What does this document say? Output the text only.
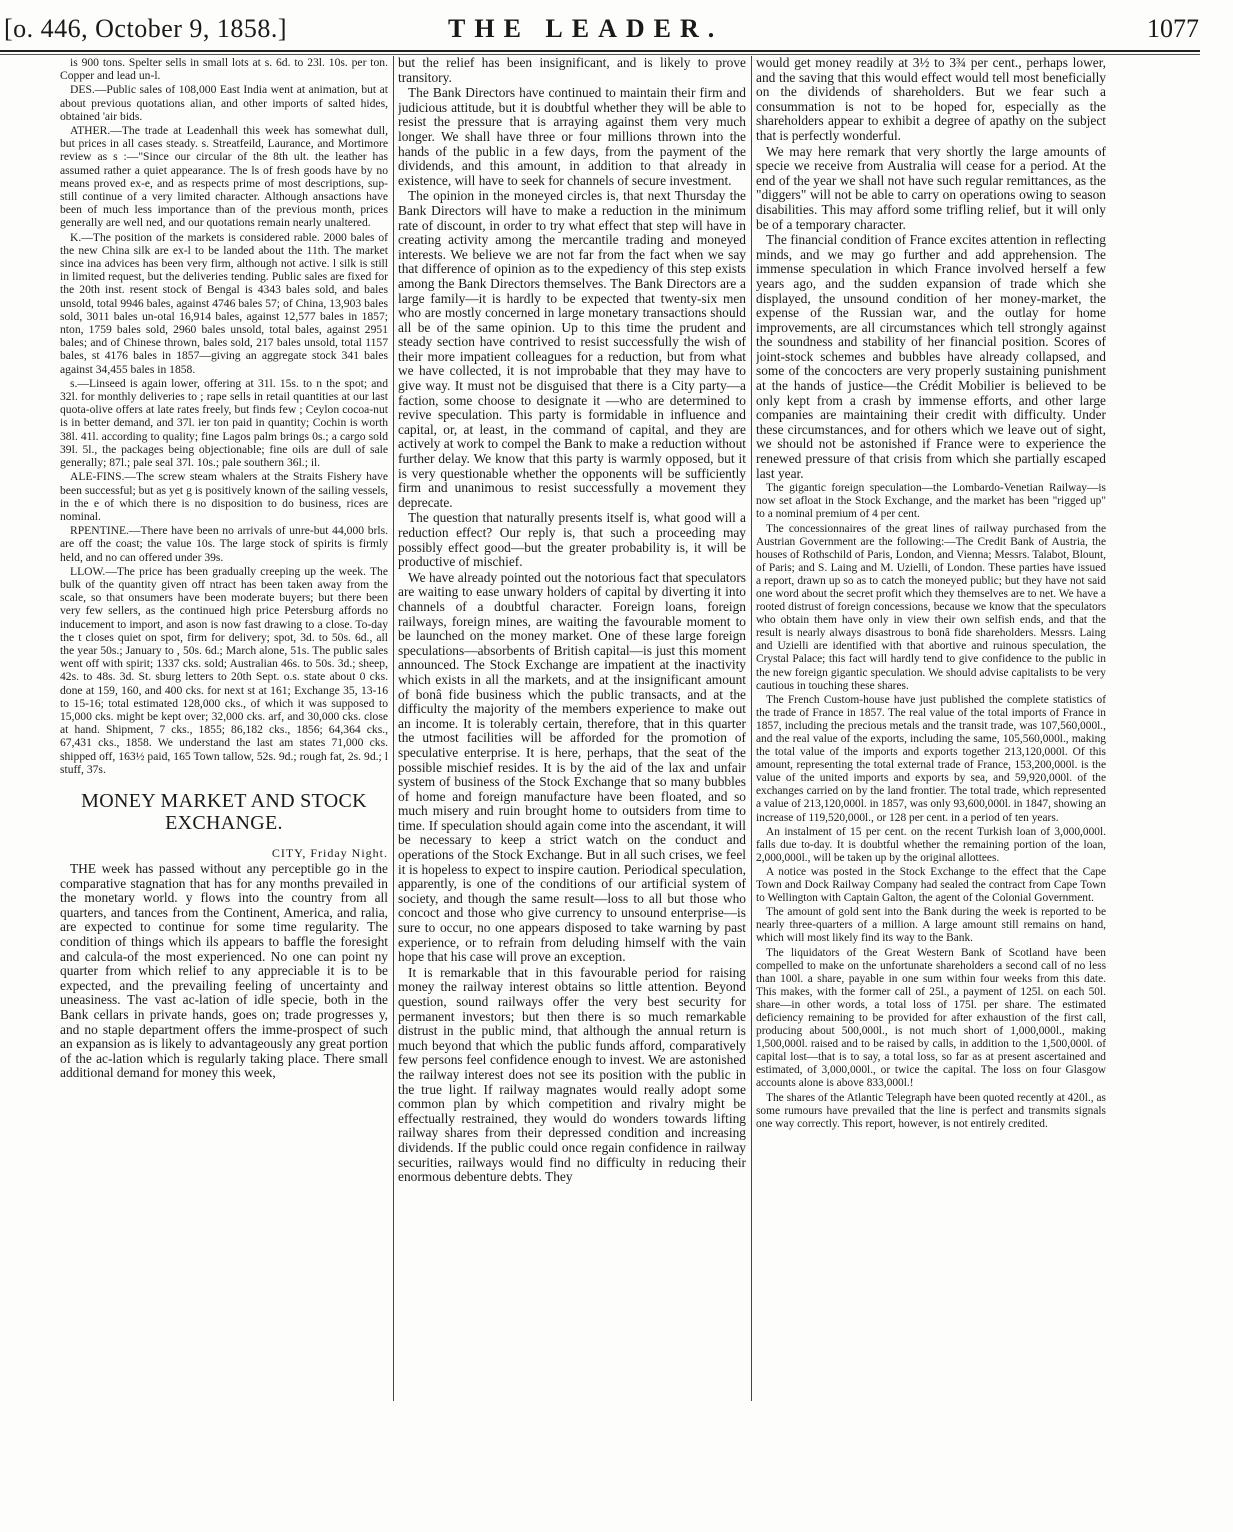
[o. 446, October 9, 1858.]	THE LEADER.	1077

is 900 tons. Spelter sells in small lots at s. 6d. to 23l. 10s. per ton. Copper and lead un-l.

DES.—Public sales of 108,000 East India went at animation, but at about previous quotations alian, and other imports of salted hides, obtained 'air bids.

ATHER.—The trade at Leadenhall this week has somewhat dull, but prices in all cases steady. s. Streatfeild, Laurance, and Mortimore review as s :—"Since our circular of the 8th ult. the leather has assumed rather a quiet appearance. The ls of fresh goods have by no means proved ex-e, and as respects prime of most descriptions, sup-still continue of a very limited character. Although ansactions have been of much less importance than of the previous month, prices generally are well ned, and our quotations remain nearly unaltered.

K.—The position of the markets is considered rable. 2000 bales of the new China silk are ex-l to be landed about the 11th. The market since ina advices has been very firm, although not active. l silk is still in limited request, but the deliveries tending. Public sales are fixed for the 20th inst. resent stock of Bengal is 4343 bales sold, and bales unsold, total 9946 bales, against 4746 bales 57; of China, 13,903 bales sold, 3011 bales un-otal 16,914 bales, against 12,577 bales in 1857; nton, 1759 bales sold, 2960 bales unsold, total bales, against 2951 bales; and of Chinese thrown, bales sold, 217 bales unsold, total 1157 bales, st 4176 bales in 1857—giving an aggregate stock 341 bales against 34,455 bales in 1858.

s.—Linseed is again lower, offering at 31l. 15s. to n the spot; and 32l. for monthly deliveries to ; rape sells in retail quantities at our last quota-olive offers at late rates freely, but finds few ; Ceylon cocoa-nut is in better demand, and 37l. ier ton paid in quantity; Cochin is worth 38l. 41l. according to quality; fine Lagos palm brings 0s.; a cargo sold 39l. 5l., the packages being objectionable; fine oils are dull of sale generally; 87l.; pale seal 37l. 10s.; pale southern 36l.; il.

ALE-FINS.—The screw steam whalers at the Straits Fishery have been successful; but as yet g is positively known of the sailing vessels, in the e of which there is no disposition to do business, rices are nominal.

RPENTINE.—There have been no arrivals of unre-but 44,000 brls. are off the coast; the value 10s. The large stock of spirits is firmly held, and no can offered under 39s.

LLOW.—The price has been gradually creeping up the week. The bulk of the quantity given off ntract has been taken away from the scale, so that onsumers have been moderate buyers; but there been very few sellers, as the continued high price Petersburg affords no inducement to import, and ason is now fast drawing to a close. To-day the t closes quiet on spot, firm for delivery; spot, 3d. to 50s. 6d., all the year 50s.; January to , 50s. 6d.; March alone, 51s. The public sales went off with spirit; 1337 cks. sold; Australian 46s. to 50s. 3d.; sheep, 42s. to 48s. 3d. St. sburg letters to 20th Sept. o.s. state about 0 cks. done at 159, 160, and 400 cks. for next st at 161; Exchange 35, 13-16 to 15-16; total estimated 128,000 cks., of which it was supposed to 15,000 cks. might be kept over; 32,000 cks. arf, and 30,000 cks. close at hand. Shipment, 7 cks., 1855; 86,182 cks., 1856; 64,364 cks., 67,431 cks., 1858. We understand the last am states 71,000 cks. shipped off, 163½ paid, 165 Town tallow, 52s. 9d.; rough fat, 2s. 9d.; l stuff, 37s.

MONEY MARKET AND STOCK EXCHANGE.
CITY, Friday Night.

THE week has passed without any perceptible go in the comparative stagnation that has for any months prevailed in the monetary world. y flows into the country from all quarters, and tances from the Continent, America, and ralia, are expected to continue for some time regularity. The condition of things which ils appears to baffle the foresight and calcula-of the most experienced. No one can point ny quarter from which relief to any appreciable it is to be expected, and the prevailing feeling of uncertainty and uneasiness. The vast ac-lation of idle specie, both in the Bank cellars in private hands, goes on; trade progresses y, and no staple department offers the imme-prospect of such an expansion as is likely to advantageously any great portion of the ac-lation which is regularly taking place. There small additional demand for money this week,

but the relief has been insignificant, and is likely to prove transitory.

The Bank Directors have continued to maintain their firm and judicious attitude, but it is doubtful whether they will be able to resist the pressure that is arraying against them very much longer. We shall have three or four millions thrown into the hands of the public in a few days, from the payment of the dividends, and this amount, in addition to that already in existence, will have to seek for channels of secure investment.

The opinion in the moneyed circles is, that next Thursday the Bank Directors will have to make a reduction in the minimum rate of discount, in order to try what effect that step will have in creating activity among the mercantile trading and moneyed interests. We believe we are not far from the fact when we say that difference of opinion as to the expediency of this step exists among the Bank Directors themselves. The Bank Directors are a large family—it is hardly to be expected that twenty-six men who are mostly concerned in large monetary transactions should all be of the same opinion. Up to this time the prudent and steady section have contrived to resist successfully the wish of their more impatient colleagues for a reduction, but from what we have collected, it is not improbable that they may have to give way. It must not be disguised that there is a City party—a faction, some choose to designate it —who are determined to revive speculation. This party is formidable in influence and capital, or, at least, in the command of capital, and they are actively at work to compel the Bank to make a reduction without further delay. We know that this party is warmly opposed, but it is very questionable whether the opponents will be sufficiently firm and unanimous to resist successfully a movement they deprecate.

The question that naturally presents itself is, what good will a reduction effect? Our reply is, that such a proceeding may possibly effect good—but the greater probability is, it will be productive of mischief.

We have already pointed out the notorious fact that speculators are waiting to ease unwary holders of capital by diverting it into channels of a doubtful character. Foreign loans, foreign railways, foreign mines, are waiting the favourable moment to be launched on the money market. One of these large foreign speculations—absorbents of British capital—is just this moment announced. The Stock Exchange are impatient at the inactivity which exists in all the markets, and at the insignificant amount of bonâ fide business which the public transacts, and at the difficulty the majority of the members experience to make out an income. It is tolerably certain, therefore, that in this quarter the utmost facilities will be afforded for the promotion of speculative enterprise. It is here, perhaps, that the seat of the possible mischief resides. It is by the aid of the lax and unfair system of business of the Stock Exchange that so many bubbles of home and foreign manufacture have been floated, and so much misery and ruin brought home to outsiders from time to time. If speculation should again come into the ascendant, it will be necessary to keep a strict watch on the conduct and operations of the Stock Exchange. But in all such crises, we feel it is hopeless to expect to inspire caution. Periodical speculation, apparently, is one of the conditions of our artificial system of society, and though the same result—loss to all but those who concoct and those who give currency to unsound enterprise—is sure to occur, no one appears disposed to take warning by past experience, or to refrain from deluding himself with the vain hope that his case will prove an exception.

It is remarkable that in this favourable period for raising money the railway interest obtains so little attention. Beyond question, sound railways offer the very best security for permanent investors; but then there is so much remarkable distrust in the public mind, that although the annual return is much beyond that which the public funds afford, comparatively few persons feel confidence enough to invest. We are astonished the railway interest does not see its position with the public in the true light. If railway magnates would really adopt some common plan by which competition and rivalry might be effectually restrained, they would do wonders towards lifting railway shares from their depressed condition and increasing dividends. If the public could once regain confidence in railway securities, railways would find no difficulty in reducing their enormous debenture debts. They

would get money readily at 3½ to 3¾ per cent., perhaps lower, and the saving that this would effect would tell most beneficially on the dividends of shareholders. But we fear such a consummation is not to be hoped for, especially as the shareholders appear to exhibit a degree of apathy on the subject that is perfectly wonderful.

We may here remark that very shortly the large amounts of specie we receive from Australia will cease for a period. At the end of the year we shall not have such regular remittances, as the "diggers" will not be able to carry on operations owing to season disabilities. This may afford some trifling relief, but it will only be of a temporary character.

The financial condition of France excites attention in reflecting minds, and we may go further and add apprehension. The immense speculation in which France involved herself a few years ago, and the sudden expansion of trade which she displayed, the unsound condition of her money-market, the expense of the Russian war, and the outlay for home improvements, are all circumstances which tell strongly against the soundness and stability of her financial position. Scores of joint-stock schemes and bubbles have already collapsed, and some of the concocters are very properly sustaining punishment at the hands of justice—the Crédit Mobilier is believed to be only kept from a crash by immense efforts, and other large companies are maintaining their credit with difficulty. Under these circumstances, and for others which we leave out of sight, we should not be astonished if France were to experience the renewed pressure of that crisis from which she partially escaped last year.

The gigantic foreign speculation—the Lombardo-Venetian Railway—is now set afloat in the Stock Exchange, and the market has been "rigged up" to a nominal premium of 4 per cent.

The concessionnaires of the great lines of railway purchased from the Austrian Government are the following:—The Credit Bank of Austria, the houses of Rothschild of Paris, London, and Vienna; Messrs. Talabot, Blount, of Paris; and S. Laing and M. Uzielli, of London. These parties have issued a report, drawn up so as to catch the moneyed public; but they have not said one word about the secret profit which they themselves are to net. We have a rooted distrust of foreign concessions, because we know that the speculators who obtain them have only in view their own selfish ends, and that the result is nearly always disastrous to bonâ fide shareholders. Messrs. Laing and Uzielli are identified with that abortive and ruinous speculation, the Crystal Palace; this fact will hardly tend to give confidence to the public in the new foreign gigantic speculation. We should advise capitalists to be very cautious in touching these shares.

The French Custom-house have just published the complete statistics of the trade of France in 1857. The real value of the total imports of France in 1857, including the precious metals and the transit trade, was 107,560,000l., and the real value of the exports, including the same, 105,560,000l., making the total value of the imports and exports together 213,120,000l. Of this amount, representing the total external trade of France, 153,200,000l. is the value of the united imports and exports by sea, and 59,920,000l. of the exchanges carried on by the land frontier. The total trade, which represented a value of 213,120,000l. in 1857, was only 93,600,000l. in 1847, showing an increase of 119,520,000l., or 128 per cent. in a period of ten years.

An instalment of 15 per cent. on the recent Turkish loan of 3,000,000l. falls due to-day. It is doubtful whether the remaining portion of the loan, 2,000,000l., will be taken up by the original allottees.

A notice was posted in the Stock Exchange to the effect that the Cape Town and Dock Railway Company had sealed the contract from Cape Town to Wellington with Captain Galton, the agent of the Colonial Government.

The amount of gold sent into the Bank during the week is reported to be nearly three-quarters of a million. A large amount still remains on hand, which will most likely find its way to the Bank.

The liquidators of the Great Western Bank of Scotland have been compelled to make on the unfortunate shareholders a second call of no less than 100l. a share, payable in one sum within four weeks from this date. This makes, with the former call of 25l., a payment of 125l. on each 50l. share—in other words, a total loss of 175l. per share. The estimated deficiency remaining to be provided for after exhaustion of the first call, producing about 500,000l., is not much short of 1,000,000l., making 1,500,000l. raised and to be raised by calls, in addition to the 1,500,000l. of capital lost—that is to say, a total loss, so far as at present ascertained and estimated, of 3,000,000l., or twice the capital. The loss on four Glasgow accounts alone is above 833,000l.!

The shares of the Atlantic Telegraph have been quoted recently at 420l., as some rumours have prevailed that the line is perfect and transmits signals one way correctly. This report, however, is not entirely credited.
